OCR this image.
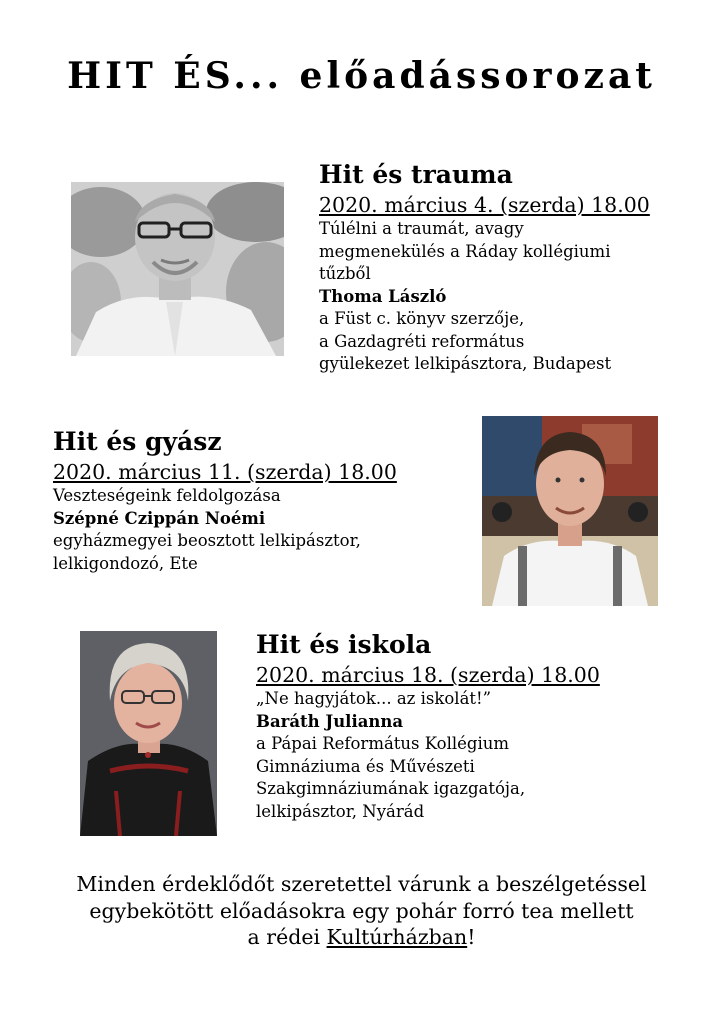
HIT ÉS... előadássorozat
Hit és trauma
2020. március 4. (szerda) 18.00
Túlélni a traumát, avagy
megmenekülés a Ráday kollégiumi
tűzből
Thoma László
a Füst c. könyv szerzője,
a Gazdagréti református
gyülekezet lelkipásztora, Budapest
Hit és gyász
2020. március 11. (szerda) 18.00
Veszteségeink feldolgozása
Szépné Czippán Noémi
egyházmegyei beosztott lelkipásztor,
lelkigondozó, Ete
Hit és iskola
2020. március 18. (szerda) 18.00
„Ne hagyjátok... az iskolát!”
Baráth Julianna
a Pápai Református Kollégium
Gimnáziuma és Művészeti
Szakgimnáziumának igazgatója,
lelkipásztor, Nyárád
Minden érdeklődőt szeretettel várunk a beszélgetéssel
egybekötött előadásokra egy pohár forró tea mellett
a rédei Kultúrházban!
